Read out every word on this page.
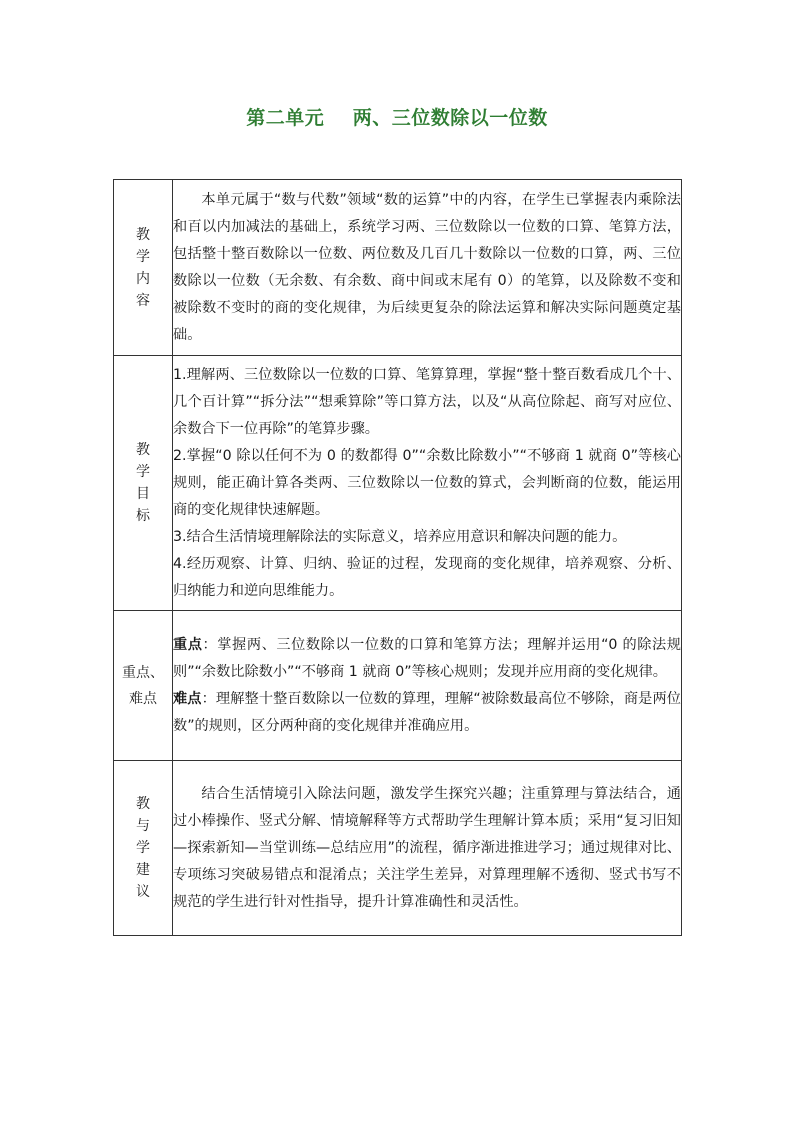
第二单元    两、三位数除以一位数
教学内容	本单元属于“数与代数”领域“数的运算”中的内容，在学生已掌握表内乘除法和百以内加减法的基础上，系统学习两、三位数除以一位数的口算、笔算方法，包括整十整百数除以一位数、两位数及几百几十数除以一位数的口算，两、三位数除以一位数（无余数、有余数、商中间或末尾有 0）的笔算，以及除数不变和被除数不变时的商的变化规律，为后续更复杂的除法运算和解决实际问题奠定基础。

教学目标	1.理解两、三位数除以一位数的口算、笔算算理，掌握“整十整百数看成几个十、几个百计算”“拆分法”“想乘算除”等口算方法，以及“从高位除起、商写对应位、余数合下一位再除”的笔算步骤。

2.掌握“0 除以任何不为 0 的数都得 0”“余数比除数小”“不够商 1 就商 0”等核心规则，能正确计算各类两、三位数除以一位数的算式，会判断商的位数，能运用商的变化规律快速解题。

3.结合生活情境理解除法的实际意义，培养应用意识和解决问题的能力。

4.经历观察、计算、归纳、验证的过程，发现商的变化规律，培养观察、分析、归纳能力和逆向思维能力。

重点、难点	重点：掌握两、三位数除以一位数的口算和笔算方法；理解并运用“0 的除法规则”“余数比除数小”“不够商 1 就商 0”等核心规则；发现并应用商的变化规律。

难点：理解整十整百数除以一位数的算理，理解“被除数最高位不够除，商是两位数”的规则，区分两种商的变化规律并准确应用。

教与学建议	结合生活情境引入除法问题，激发学生探究兴趣；注重算理与算法结合，通过小棒操作、竖式分解、情境解释等方式帮助学生理解计算本质；采用“复习旧知—探索新知—当堂训练—总结应用”的流程，循序渐进推进学习；通过规律对比、专项练习突破易错点和混淆点；关注学生差异，对算理理解不透彻、竖式书写不规范的学生进行针对性指导，提升计算准确性和灵活性。
